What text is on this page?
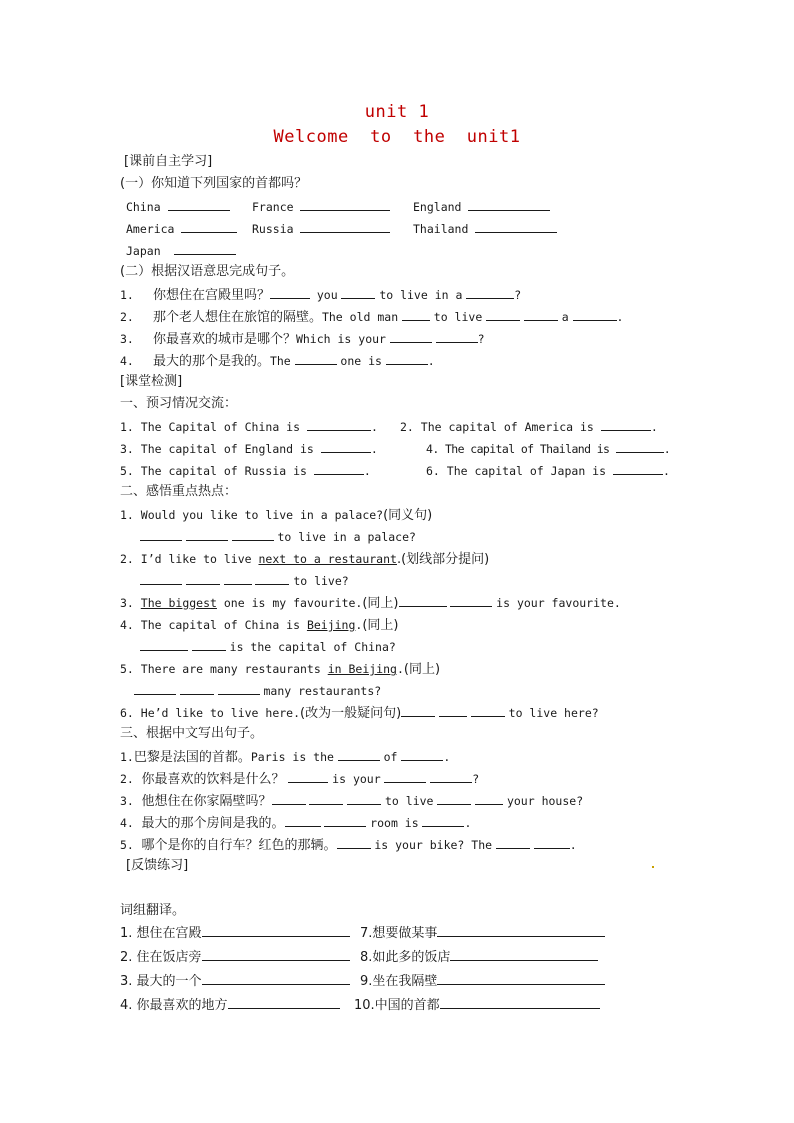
unit 1
Welcome  to  the  unit1
[课前自主学习]
(一）你知道下列国家的首都吗？
China	France	England
America	Russia	Thailand
Japan
(二）根据汉语意思完成句子。
1. 你想住在宫殿里吗？	you	to live in a	?
2. 那个老人想住在旅馆的隔壁。The old man	to live	a	.
3. 你最喜欢的城市是哪个？Which is your	?
4. 最大的那个是我的。The	one is	.
[课堂检测]
一、预习情况交流：
1. The Capital of China is	. 2. The capital of America is	.
3. The capital of England is	.	4. The capital of Thailand is	.
5. The capital of Russia is	.	6. The capital of Japan is	.
二、感悟重点热点：
1. Would you like to live in a palace?(同义句)
to live in a palace?
2. I’d like to live next to a restaurant.(划线部分提问)
to live?
3. The biggest one is my favourite.(同上)	is your favourite.
4. The capital of China is Beijing.(同上)
is the capital of China?
5. There are many restaurants in Beijing.(同上)
many restaurants?
6. He’d like to live here.(改为一般疑问句)	to live here?
三、根据中文写出句子。
1.巴黎是法国的首都。Paris is the	of	.
2. 你最喜欢的饮料是什么？	is your	?
3. 他想住在你家隔壁吗？	to live	your house?
4. 最大的那个房间是我的。	room is	.
5. 哪个是你的自行车？红色的那辆。	is your bike? The	.
[反馈练习]
词组翻译。
1. 想住在宫殿	7.想要做某事
2. 住在饭店旁	8.如此多的饭店
3. 最大的一个	9.坐在我隔壁
4. 你最喜欢的地方	10.中国的首都
